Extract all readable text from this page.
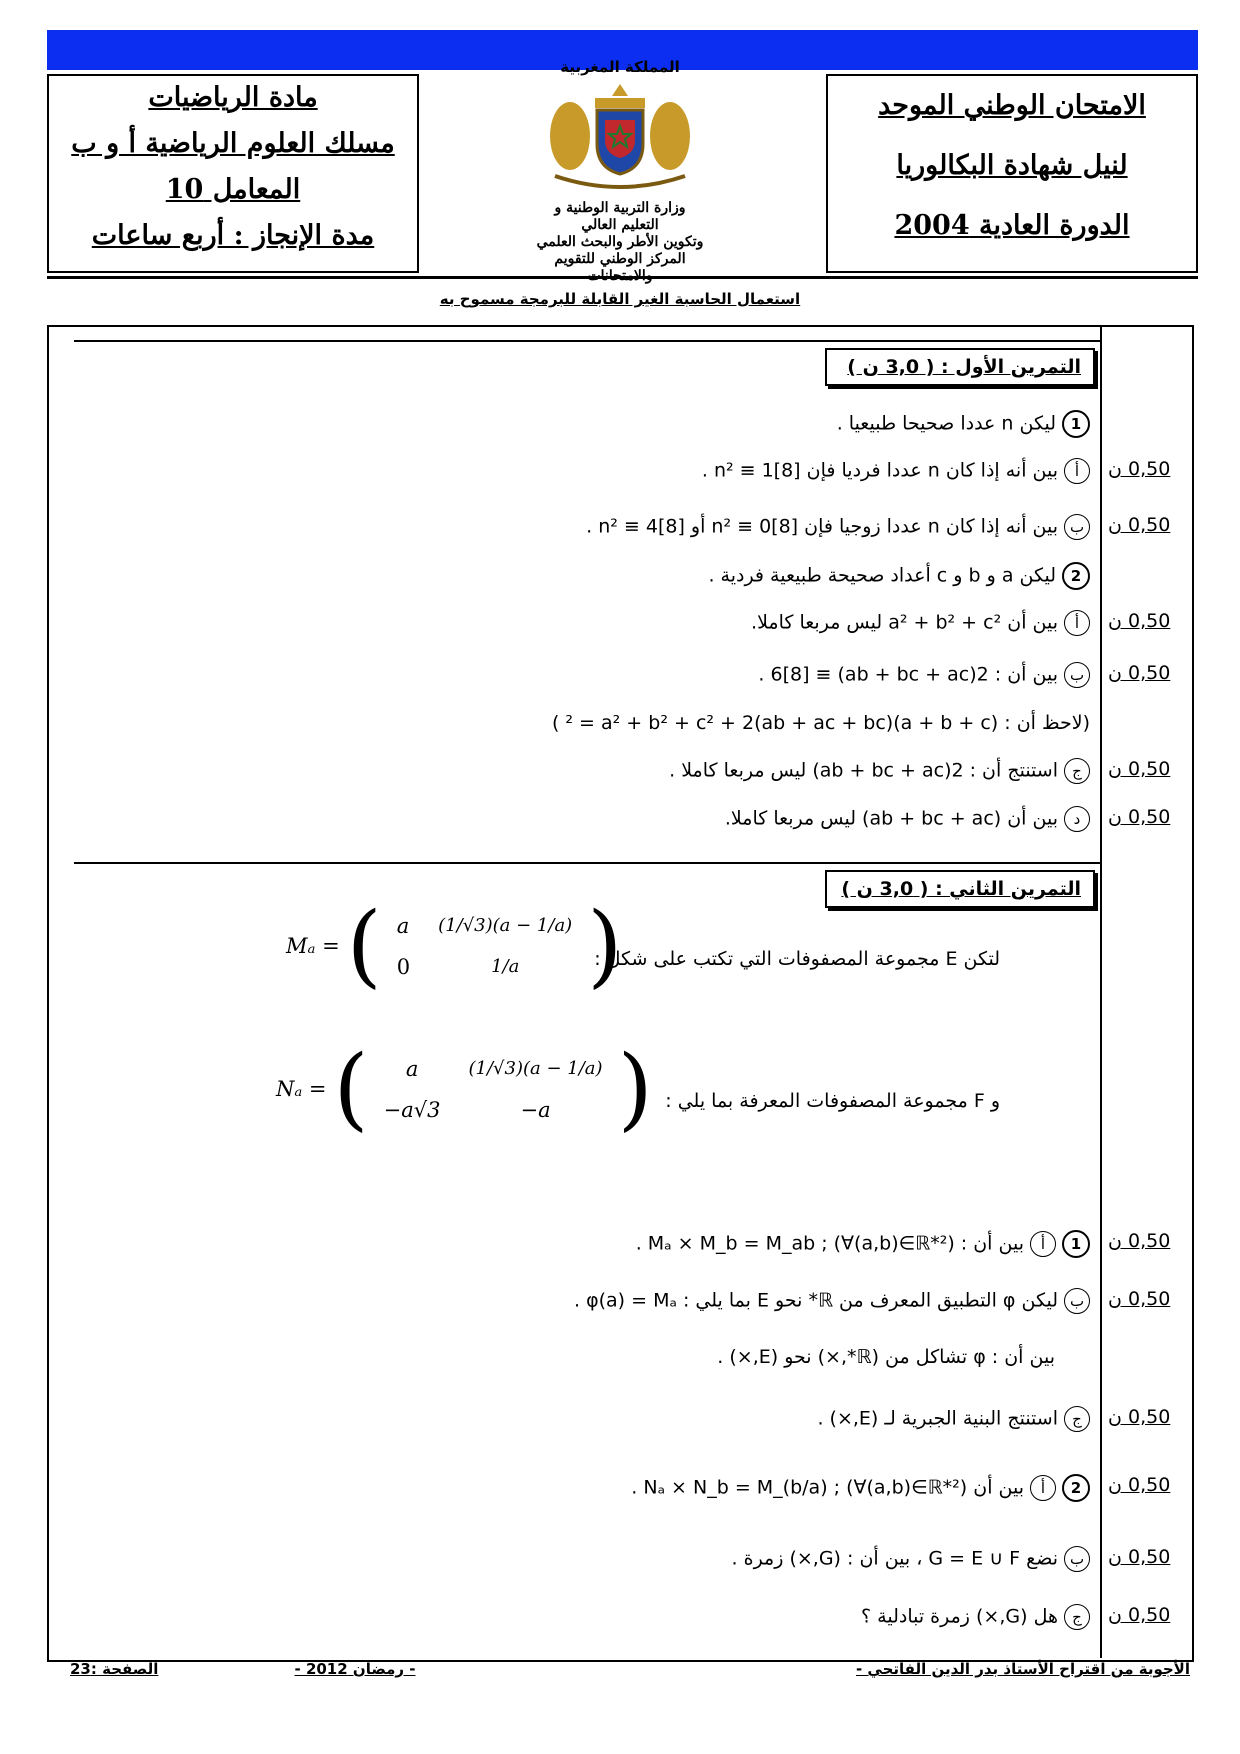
الامتحان الوطني الموحد
لنيل شهادة البكالوريا
الدورة العادية 2004
مادة الرياضيات
مسلك العلوم الرياضية أ و ب
المعامل 10
مدة الإنجاز : أربع ساعات
المملكة المغربية
وزارة التربية الوطنية و التعليم العالي
وتكوين الأطر والبحث العلمي
المركز الوطني للتقويم
استعمال الحاسبة الغير القابلة للبرمجة مسموح به
التمرين الأول : ( 3,0 ن )
1ليكن n عددا صحيحا طبيعيا .
أبين أنه إذا كان n عددا فرديا فإن n² ≡ 1[8] .	0,50 ن
ببين أنه إذا كان n عددا زوجيا فإن n² ≡ 0[8] أو n² ≡ 4[8] .	0,50 ن
2ليكن a و b و c أعداد صحيحة طبيعية فردية .
أبين أن a² + b² + c² ليس مربعا كاملا.	0,50 ن
ببين أن : 2(ab + bc + ac) ≡ 6[8] .	0,50 ن
(لاحظ أن : (a + b + c)² = a² + b² + c² + 2(ab + ac + bc) )
جاستنتج أن : 2(ab + bc + ac) ليس مربعا كاملا .	0,50 ن
دبين أن (ab + bc + ac) ليس مربعا كاملا.	0,50 ن
التمرين الثاني : ( 3,0 ن )
لتكن E مجموعة المصفوفات التي تكتب على شكل :
Mₐ =	(	a	(1/√3)(a − 1/a)	)
		0	1/a	
و F مجموعة المصفوفات المعرفة بما يلي :
Nₐ =	(	a	(1/√3)(a − 1/a)	)
		−a√3	−a	
1أبين أن : Mₐ × M_b = M_ab ; (∀(a,b)∈ℝ*²) .	0,50 ن
بليكن φ التطبيق المعرف من ℝ* نحو E بما يلي : φ(a) = Mₐ .	0,50 ن
بين أن : φ تشاكل من (ℝ*,×) نحو (E,×) .
جاستنتج البنية الجبرية لـ (E,×) .	0,50 ن
2أبين أن Nₐ × N_b = M_(b/a) ; (∀(a,b)∈ℝ*²) .	0,50 ن
بنضع G = E ∪ F ، بين أن : (G,×) زمرة .	0,50 ن
جهل (G,×) زمرة تبادلية ؟	0,50 ن
الأجوبة من اقتراح الأستاذ بدر الدين الفاتحي -
- رمضان 2012 -
الصفحة :23
